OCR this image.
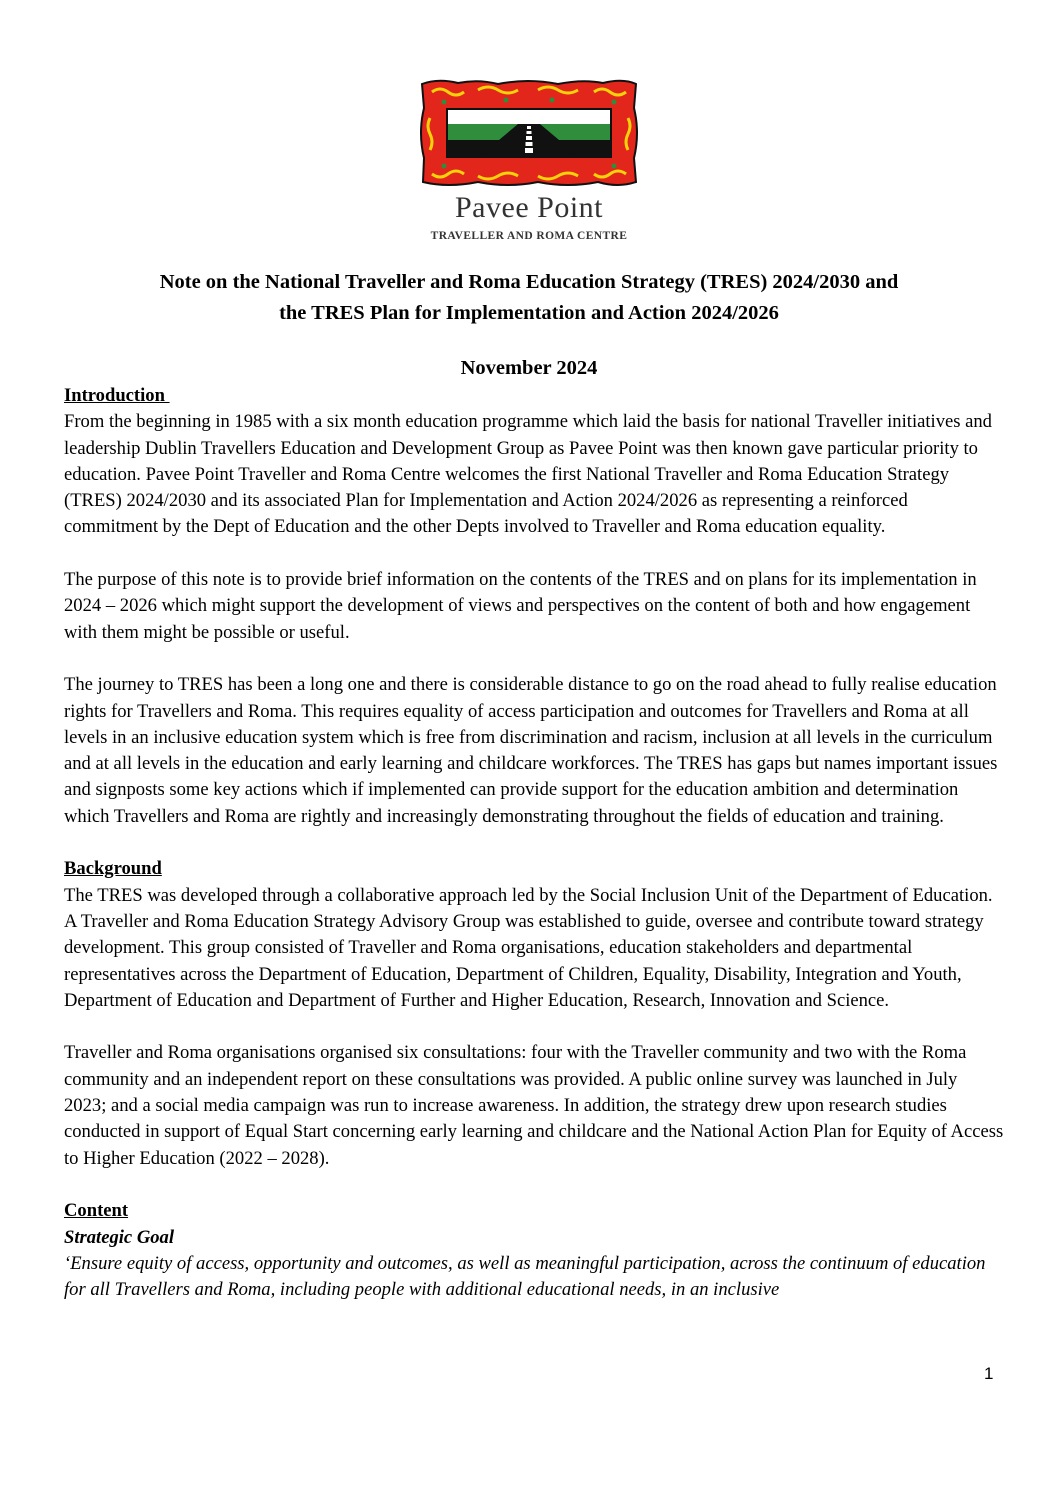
Pavee Point
TRAVELLER AND ROMA CENTRE
Note on the National Traveller and Roma Education Strategy (TRES) 2024/2030 and
the TRES Plan for Implementation and Action 2024/2026
November 2024

Introduction

From the beginning in 1985 with a six month education programme which laid the basis for national Traveller initiatives and leadership Dublin Travellers Education and Development Group as Pavee Point was then known gave particular priority to education. Pavee Point Traveller and Roma Centre welcomes the first National Traveller and Roma Education Strategy (TRES) 2024/2030 and its associated Plan for Implementation and Action 2024/2026 as representing a reinforced commitment by the Dept of Education and the other Depts involved to Traveller and Roma education equality.

The purpose of this note is to provide brief information on the contents of the TRES and on plans for its implementation in 2024 – 2026 which might support the development of views and perspectives on the content of both and how engagement with them might be possible or useful.

The journey to TRES has been a long one and there is considerable distance to go on the road ahead to fully realise education rights for Travellers and Roma. This requires equality of access participation and outcomes for Travellers and Roma at all levels in an inclusive education system which is free from discrimination and racism, inclusion at all levels in the curriculum and at all levels in the education and early learning and childcare workforces. The TRES has gaps but names important issues and signposts some key actions which if implemented can provide support for the education ambition and determination which Travellers and Roma are rightly and increasingly demonstrating throughout the fields of education and training.

Background

The TRES was developed through a collaborative approach led by the Social Inclusion Unit of the Department of Education. A Traveller and Roma Education Strategy Advisory Group was established to guide, oversee and contribute toward strategy development. This group consisted of Traveller and Roma organisations, education stakeholders and departmental representatives across the Department of Education, Department of Children, Equality, Disability, Integration and Youth, Department of Education and Department of Further and Higher Education, Research, Innovation and Science.

Traveller and Roma organisations organised six consultations: four with the Traveller community and two with the Roma community and an independent report on these consultations was provided. A public online survey was launched in July 2023; and a social media campaign was run to increase awareness. In addition, the strategy drew upon research studies conducted in support of Equal Start concerning early learning and childcare and the National Action Plan for Equity of Access to Higher Education (2022 – 2028).

Content

Strategic Goal

‘Ensure equity of access, opportunity and outcomes, as well as meaningful participation, across the continuum of education for all Travellers and Roma, including people with additional educational needs, in an inclusive

1
